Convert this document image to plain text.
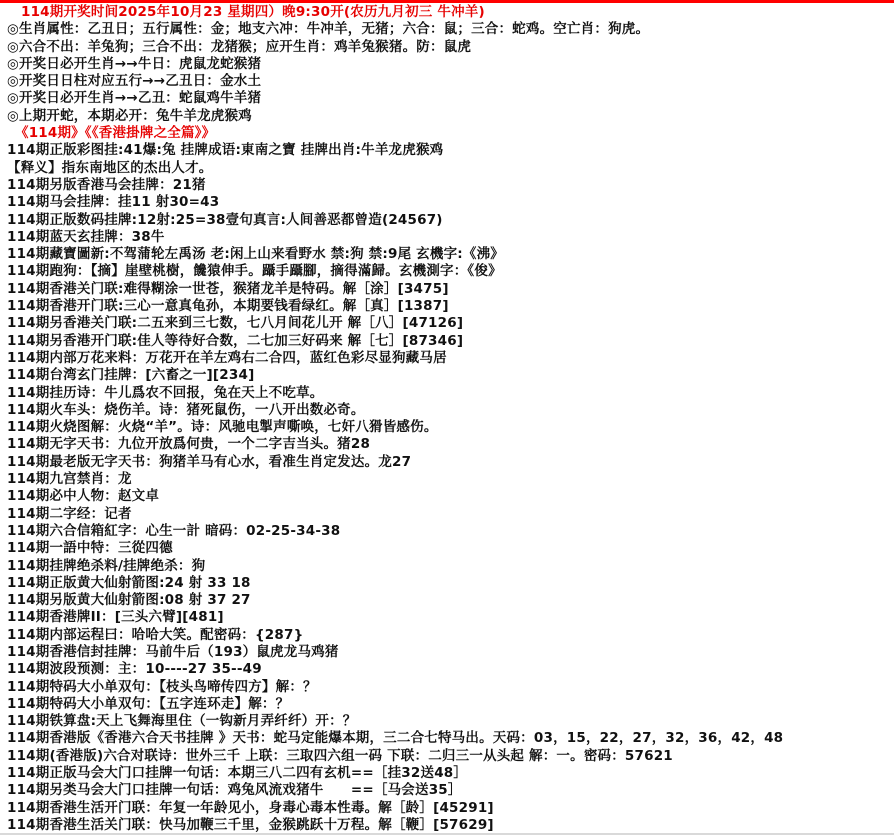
114期开奖时间2025年10月23 星期四）晚9:30开(农历九月初三 牛冲羊)
◎生肖属性：乙丑日；五行属性：金；地支六冲：牛冲羊，无猪；六合：鼠；三合：蛇鸡。空亡肖：狗虎。
◎六合不出：羊兔狗；三合不出：龙猪猴；应开生肖：鸡羊兔猴猪。防：鼠虎
◎开奖日必开生肖→→牛日：虎鼠龙蛇猴猪
◎开奖日日柱对应五行→→乙丑日：金水土
◎开奖日必开生肖→→乙丑：蛇鼠鸡牛羊猪
◎上期开蛇，本期必开：兔牛羊龙虎猴鸡
《114期》《《香港掛牌之全篇》》
114期正版彩图挂:41爆:兔 挂牌成语:東南之寶 挂牌出肖:牛羊龙虎猴鸡
【释义】指东南地区的杰出人才。
114期另版香港马会挂牌：21猪
114期马会挂牌：挂11 射30=43
114期正版数码挂牌:12射:25=38壹句真言:人间善恶都曾造(24567)
114期蓝天玄挂牌：38牛
114期藏寶圖新:不驾蒲轮左禹汤 老:闲上山来看野水 禁:狗 禁:9尾 玄機字:《沸》
114期跑狗：【摘】崖壁桃樹，饞猿伸手。躡手躡腳，摘得滿歸。玄機測字：《俊》
114期香港关门联:难得糊涂一世苍，猴猪龙羊是特码。解［涂］[3475]
114期香港开门联:三心一意真龟孙，本期要钱看绿红。解［真］[1387]
114期另香港关门联:二五来到三七数，七八月间花儿开 解［八］[47126]
114期另香港开门联:佳人等待好合数，二七加三好码来 解［七］[87346]
114期内部万花来料：万花开在羊左鸡右二合四，蓝红色彩尽显狗藏马居
114期台湾玄门挂牌：[六畜之一][234]
114期挂历诗：牛儿爲农不回报，兔在天上不吃草。
114期火车头：烧伤羊。诗：猪死鼠伤，一八开出数必奇。
114期火烧图解：火烧“羊”。诗：风驰电掣声嘶唤，七奸八猾皆感伤。
114期无字天书：九位开放爲何贵，一个二字吉当头。猪28
114期最老版无字天书：狗猪羊马有心水，看准生肖定发达。龙27
114期九宫禁肖：龙
114期必中人物：赵文卓
114期二字经：记者
114期六合信箱紅字：心生一計 暗码：02-25-34-38
114期一語中特：三從四德
114期挂牌绝杀料/挂牌绝杀：狗
114期正版黄大仙射箭图:24 射 33 18
114期另版黄大仙射箭图:08 射 37 27
114期香港牌II：[三头六臂][481]
114期内部运程曰：哈哈大笑。配密码：{287}
114期香港信封挂牌：马前牛后（193）鼠虎龙马鸡猪
114期波段预测：主：10----27 35--49
114期特码大小单双句：【枝头鸟啼传四方】解：？
114期特码大小单双句：【五字连环走】解：？
114期铁算盘:天上飞舞海里住（一钩新月弄纤纤）开：？
114期香港版《香港六合天书挂牌 》天书：蛇马定能爆本期，三二合七特马出。天码：03，15，22，27，32，36，42，48
114期(香港版)六合对联诗：世外三千 上联：三取四六组一码 下联：二归三一从头起 解：一。密码：57621
114期正版马会大门口挂牌一句话：本期三八二四有玄机==［挂32送48］
114期另类马会大门口挂牌一句话：鸡兔风流戏猪牛　　==［马会送35］
114期香港生活开门联：年复一年龄见小，身毒心毒本性毒。解［龄］[45291]
114期香港生活关门联：快马加鞭三千里，金猴跳跃十万程。解［鞭］[57629]
